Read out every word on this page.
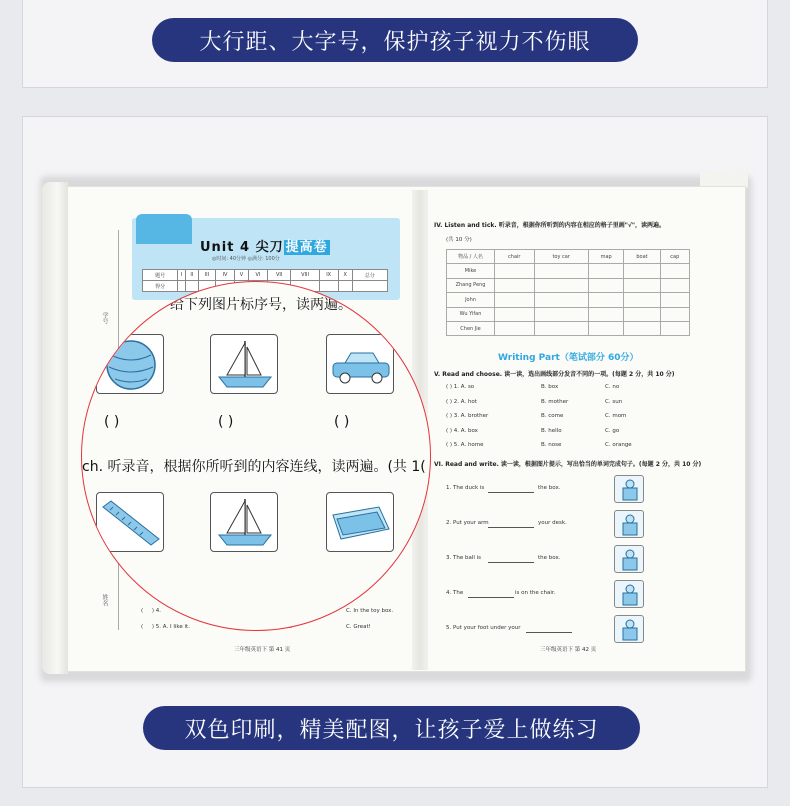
大行距、大字号，保护孩子视力不伤眼
Unit 4 尖刀 提高卷
◎时间: 40分钟 ◎满分: 100分
题号	I	II	III	IV	V	VI	VII	VIII	IX	X	总分
得分											
学号
姓名
(     ) 4.	C. In the toy box.
(     ) 5. A. I like it.	C. Great!
三年级英语下 第 41 页
IV. Listen and tick. 听录音，根据你所听到的内容在相应的格子里画"√"，读两遍。
(共 10 分)
物品 / 人名	chair	toy car	map	boat	cap
Mike					
Zhang Peng					
John					
Wu Yifan					
Chen Jie					
Writing Part（笔试部分 60分）
V. Read and choose. 读一读，选出画线部分发音不同的一项。(每题 2 分，共 10 分)
( ) 1. A. so	B. box	C. no
( ) 2. A. hot	B. mother	C. sun
( ) 3. A. brother	B. come	C. mom
( ) 4. A. box	B. hello	C. go
( ) 5. A. home	B. nose	C. orange
VI. Read and write. 读一读，根据图片提示，写出恰当的单词完成句子。(每题 2 分，共 10 分)
1. The duck is	the box.
2. Put your arm	your desk.
3. The ball is	the box.
4. The	is on the chair.
5. Put your foot under your
三年级英语下 第 42 页
给下列图片标序号，读两遍。
( )	( )	( )
ch. 听录音，根据你所听到的内容连线，读两遍。(共 1(
双色印刷，精美配图，让孩子爱上做练习
